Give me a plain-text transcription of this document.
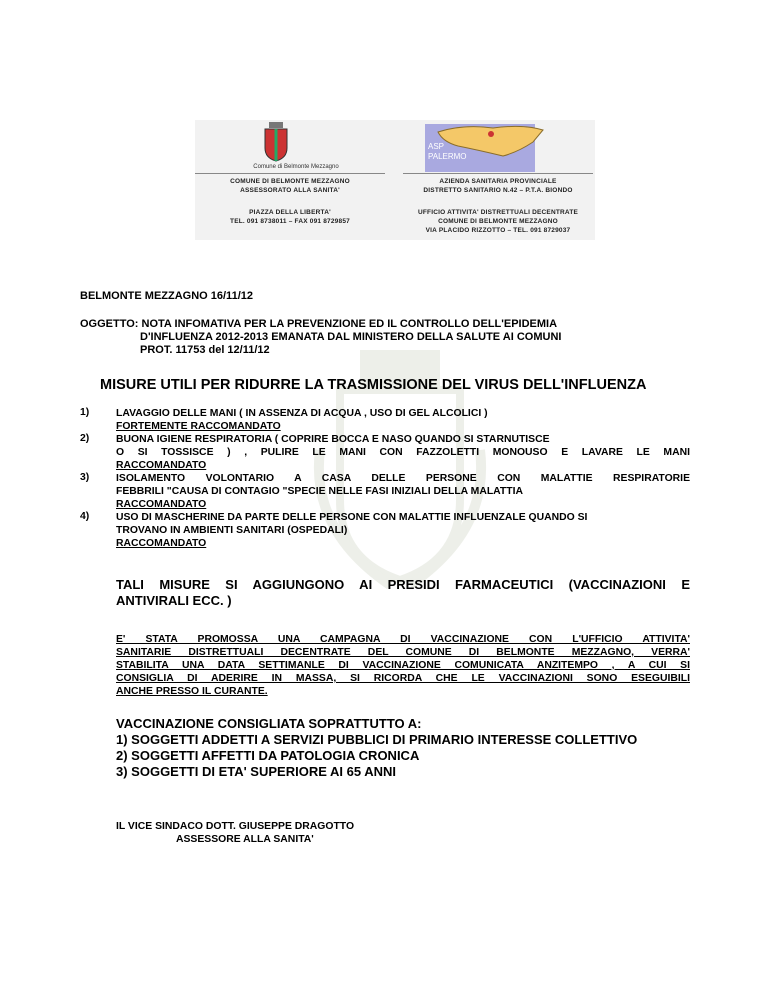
Comune di Belmonte Mezzagno
COMUNE DI BELMONTE MEZZAGNO
ASSESSORATO ALLA SANITA'
PIAZZA DELLA LIBERTA'
TEL. 091 8738011 – FAX 091 8729857
ASP
PALERMO
AZIENDA SANITARIA PROVINCIALE
DISTRETTO SANITARIO N.42 – P.T.A. BIONDO
UFFICIO ATTIVITA' DISTRETTUALI DECENTRATE
COMUNE DI BELMONTE MEZZAGNO
VIA PLACIDO RIZZOTTO – TEL. 091 8729037
BELMONTE MEZZAGNO 16/11/12
OGGETTO: NOTA INFOMATIVA PER LA PREVENZIONE ED IL CONTROLLO DELL'EPIDEMIA
D'INFLUENZA 2012-2013 EMANATA DAL MINISTERO DELLA SALUTE AI COMUNI
PROT. 11753 del 12/11/12
MISURE UTILI PER RIDURRE LA TRASMISSIONE DEL VIRUS DELL'INFLUENZA
1)	LAVAGGIO DELLE MANI ( IN ASSENZA DI ACQUA , USO DI GEL ALCOLICI )
FORTEMENTE RACCOMANDATO
2)	BUONA IGIENE RESPIRATORIA ( COPRIRE BOCCA E NASO QUANDO SI STARNUTISCE
O SI TOSSISCE ) , PULIRE LE MANI CON FAZZOLETTI MONOUSO E LAVARE LE MANI
RACCOMANDATO
3)	ISOLAMENTO VOLONTARIO A CASA DELLE PERSONE CON MALATTIE RESPIRATORIE
FEBBRILI "CAUSA DI CONTAGIO "SPECIE NELLE FASI INIZIALI DELLA MALATTIA
RACCOMANDATO
4)	USO DI MASCHERINE DA PARTE DELLE PERSONE CON MALATTIE INFLUENZALE QUANDO SI
TROVANO IN AMBIENTI SANITARI (OSPEDALI)
RACCOMANDATO
TALI MISURE SI AGGIUNGONO AI PRESIDI FARMACEUTICI (VACCINAZIONI E
ANTIVIRALI ECC. )
E' STATA PROMOSSA UNA CAMPAGNA DI VACCINAZIONE CON L'UFFICIO ATTIVITA'
SANITARIE DISTRETTUALI DECENTRATE DEL COMUNE DI BELMONTE MEZZAGNO, VERRA'
STABILITA UNA DATA SETTIMANLE DI VACCINAZIONE COMUNICATA ANZITEMPO , A CUI SI
CONSIGLIA DI ADERIRE IN MASSA, SI RICORDA CHE LE VACCINAZIONI SONO ESEGUIBILI
ANCHE PRESSO IL CURANTE.
VACCINAZIONE CONSIGLIATA SOPRATTUTTO A:
1) SOGGETTI ADDETTI A SERVIZI PUBBLICI DI PRIMARIO INTERESSE COLLETTIVO
2) SOGGETTI AFFETTI DA PATOLOGIA CRONICA
3) SOGGETTI DI ETA' SUPERIORE AI 65 ANNI
IL VICE SINDACO DOTT. GIUSEPPE DRAGOTTO
ASSESSORE ALLA SANITA'
